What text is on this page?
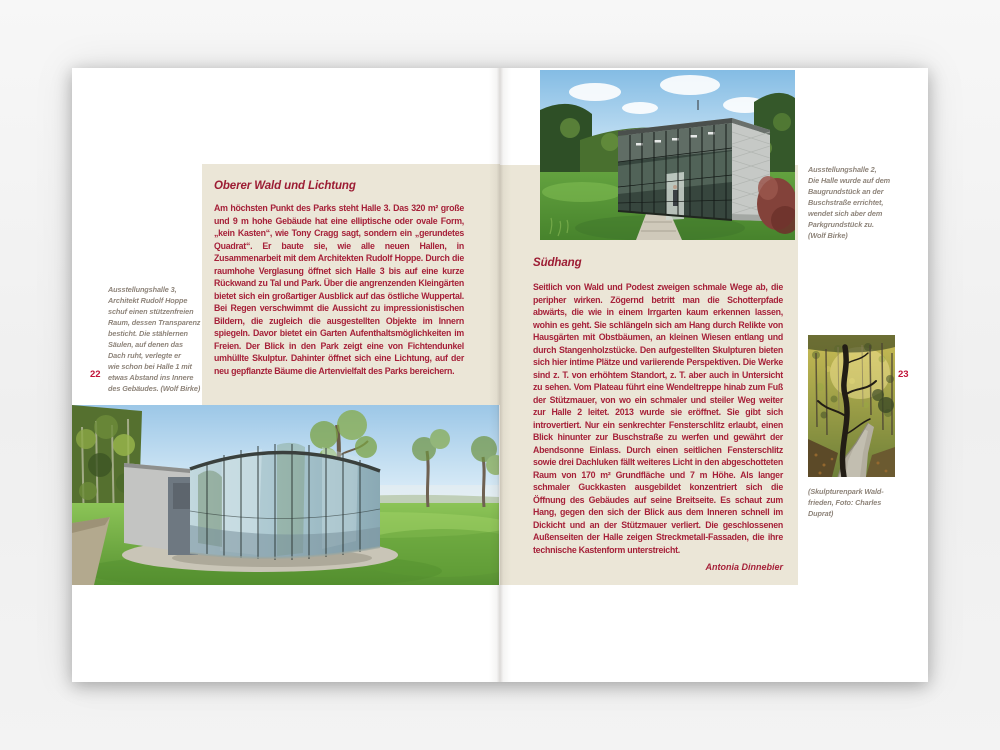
Oberer Wald und Lichtung
Am höchsten Punkt des Parks steht Halle 3. Das 320 m² große und 9 m hohe Gebäude hat eine elliptische oder ovale Form, „kein Kasten“, wie Tony Cragg sagt, sondern ein „gerundetes Quadrat“. Er baute sie, wie alle neuen Hallen, in Zusammenarbeit mit dem Architekten Rudolf Hoppe. Durch die raumhohe Verglasung öffnet sich Halle 3 bis auf eine kurze Rückwand zu Tal und Park. Über die angrenzenden Kleingärten bietet sich ein großartiger Ausblick auf das östliche Wuppertal. Bei Regen verschwimmt die Aussicht zu impressionistischen Bildern, die zugleich die ausgestellten Objekte im Innern spiegeln. Davor bietet ein Garten Aufenthaltsmöglichkeiten im Freien. Der Blick in den Park zeigt eine von Fichtendunkel umhüllte Skulptur. Dahinter öffnet sich eine Lichtung, auf der neu gepflanzte Bäume die Artenvielfalt des Parks bereichern.
Ausstellungshalle 3,
Architekt Rudolf Hoppe
schuf einen stützenfreien
Raum, dessen Transparenz
besticht. Die stählernen
Säulen, auf denen das
Dach ruht, verlegte er
wie schon bei Halle 1 mit
etwas Abstand ins Innere
des Gebäudes. (Wolf Birke)
22
Ausstellungshalle 2,
Die Halle wurde auf dem
Baugrundstück an der
Buschstraße errichtet,
wendet sich aber dem
Parkgrundstück zu.
(Wolf Birke)
Südhang
Seitlich von Wald und Podest zweigen schmale Wege ab, die peripher wirken. Zögernd betritt man die Schotterpfade abwärts, die wie in einem Irrgarten kaum erkennen lassen, wohin es geht. Sie schlängeln sich am Hang durch Relikte von Hausgärten mit Obstbäumen, an kleinen Wiesen entlang und durch Stangenholzstücke. Den aufgestellten Skulpturen bieten sich hier intime Plätze und variierende Perspektiven. Die Werke sind z. T. von erhöhtem Standort, z. T. aber auch in Untersicht zu sehen. Vom Plateau führt eine Wendeltreppe hinab zum Fuß der Stützmauer, von wo ein schmaler und steiler Weg weiter zur Halle 2 leitet. 2013 wurde sie eröffnet. Sie gibt sich introvertiert. Nur ein senkrechter Fensterschlitz erlaubt, einen Blick hinunter zur Buschstraße zu werfen und gewährt der Abendsonne Einlass. Durch einen seitlichen Fensterschlitz sowie drei Dachluken fällt weiteres Licht in den abgeschotteten Raum von 170 m² Grundfläche und 7 m Höhe. Als langer schmaler Guckkasten ausgebildet konzentriert sich die Öffnung des Gebäudes auf seine Breitseite. Es schaut zum Hang, gegen den sich der Blick aus dem Inneren schnell im Dickicht und an der Stützmauer verliert. Die geschlossenen Außenseiten der Halle zeigen Streckmetall-Fassaden, die ihre technische Kastenform unterstreicht.
Antonia Dinnebier
(Skulpturenpark Wald-
frieden, Foto: Charles
Duprat)
23
